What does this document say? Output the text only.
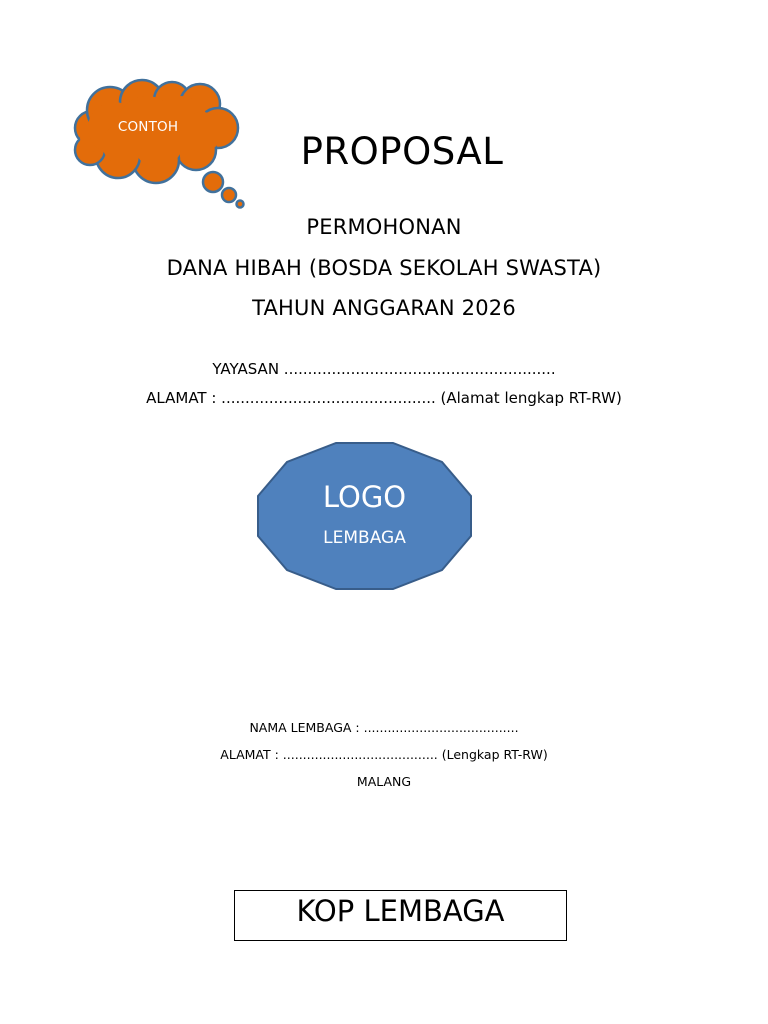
CONTOH
PROPOSAL
PERMOHONAN
DANA HIBAH (BOSDA SEKOLAH SWASTA)
TAHUN ANGGARAN 2026
YAYASAN .........................................................
ALAMAT : ............................................. (Alamat lengkap RT-RW)
LOGO
LEMBAGA
NAMA LEMBAGA : .......................................
ALAMAT : ....................................... (Lengkap RT-RW)
MALANG
KOP LEMBAGA
